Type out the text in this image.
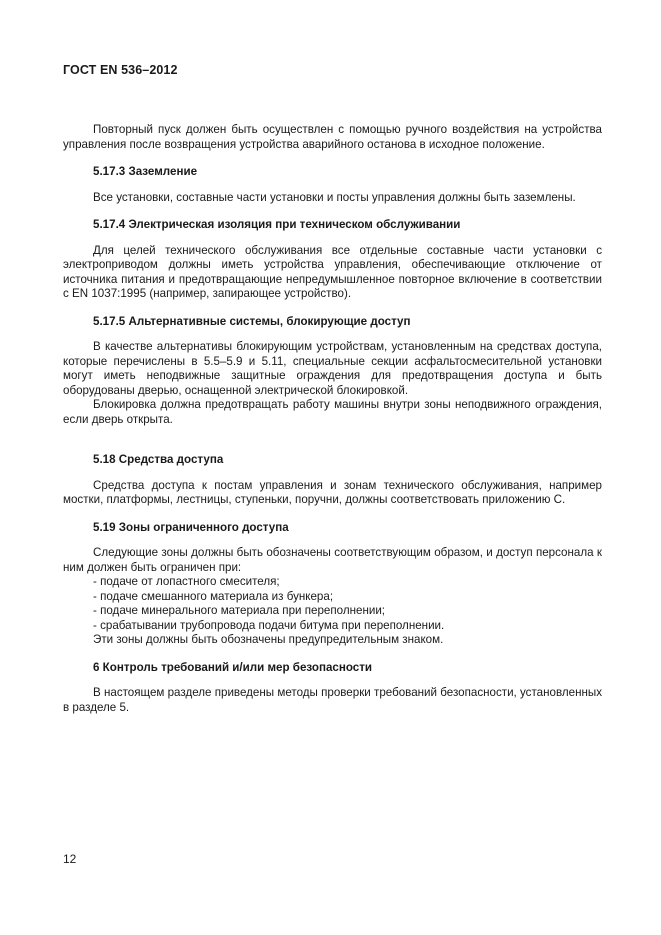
ГОСТ EN 536–2012

Повторный пуск должен быть осуществлен с помощью ручного воздействия на устройства управления после возвращения устройства аварийного останова в исходное положение.

5.17.3 Заземление

Все установки, составные части установки и посты управления должны быть заземлены.

5.17.4 Электрическая изоляция при техническом обслуживании

Для целей технического обслуживания все отдельные составные части установки с электроприводом должны иметь устройства управления, обеспечивающие отключение от источника питания и предотвращающие непредумышленное повторное включение в соответствии с EN 1037:1995 (например, запирающее устройство).

5.17.5 Альтернативные системы, блокирующие доступ

В качестве альтернативы блокирующим устройствам, установленным на средствах доступа, которые перечислены в 5.5–5.9 и 5.11, специальные секции асфальтосмесительной установки могут иметь неподвижные защитные ограждения для предотвращения доступа и быть оборудованы дверью, оснащенной электрической блокировкой.

Блокировка должна предотвращать работу машины внутри зоны неподвижного ограждения, если дверь открыта.

5.18 Средства доступа

Средства доступа к постам управления и зонам технического обслуживания, например мостки, платформы, лестницы, ступеньки, поручни, должны соответствовать приложению С.

5.19 Зоны ограниченного доступа

Следующие зоны должны быть обозначены соответствующим образом, и доступ персонала к ним должен быть ограничен при:

- подаче от лопастного смесителя;
- подаче смешанного материала из бункера;
- подаче минерального материала при переполнении;
- срабатывании трубопровода подачи битума при переполнении.

Эти зоны должны быть обозначены предупредительным знаком.

6 Контроль требований и/или мер безопасности

В настоящем разделе приведены методы проверки требований безопасности, установленных в разделе 5.

12
